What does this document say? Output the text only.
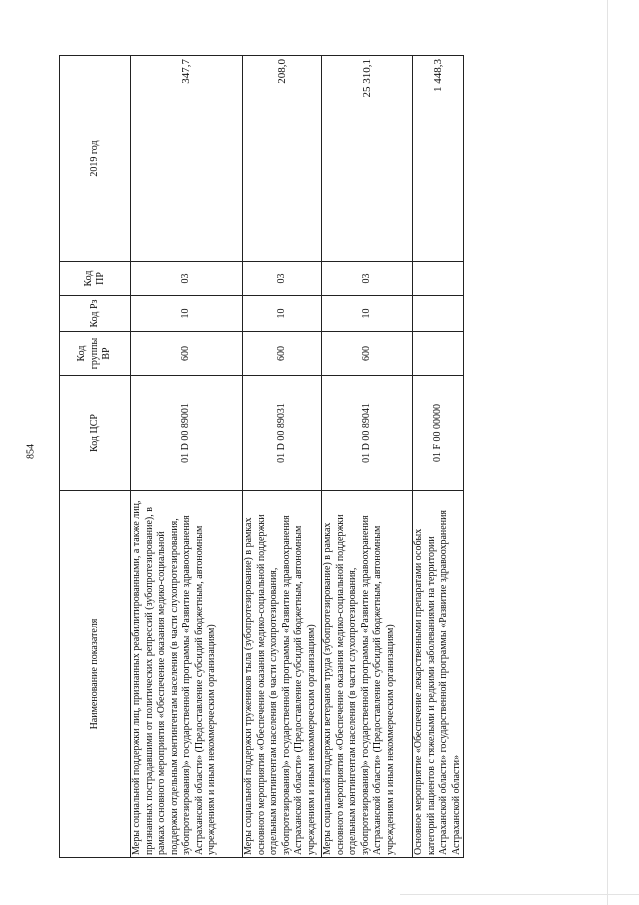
854
Наименование показателя	Код ЦСР	Код группы ВР	Код Рз	Код ПР	2019 год
Меры социальной поддержки лиц, признанных реабилитированными, а также лиц, признанных пострадавшими от политических репрессий (зубопротезирование), в рамках основного мероприятия «Обеспечение оказания медико-социальной поддержки отдельным контингентам населения (в части слухопротезирования, зубопротезирования)» государственной программы «Развитие здравоохранения Астраханской области» (Предоставление субсидий бюджетным, автономным учреждениям и иным некоммерческим организациям)	01 D 00 89001	600	10	03	347,7
Меры социальной поддержки тружеников тыла (зубопротезирование) в рамках основного мероприятия «Обеспечение оказания медико-социальной поддержки отдельным контингентам населения (в части слухопротезирования, зубопротезирования)» государственной программы «Развитие здравоохранения Астраханской области» (Предоставление субсидий бюджетным, автономным учреждениям и иным некоммерческим организациям)	01 D 00 89031	600	10	03	208,0
Меры социальной поддержки ветеранов труда (зубопротезирование) в рамках основного мероприятия «Обеспечение оказания медико-социальной поддержки отдельным контингентам населения (в части слухопротезирования, зубопротезирования)» государственной программы «Развитие здравоохранения Астраханской области» (Предоставление субсидий бюджетным, автономным учреждениям и иным некоммерческим организациям)	01 D 00 89041	600	10	03	25 310,1
Основное мероприятие «Обеспечение лекарственными препаратами особых категорий пациентов с тяжелыми и редкими заболеваниями на территории Астраханской области» государственной программы «Развитие здравоохранения Астраханской области»	01 F 00 00000				1 448,3
